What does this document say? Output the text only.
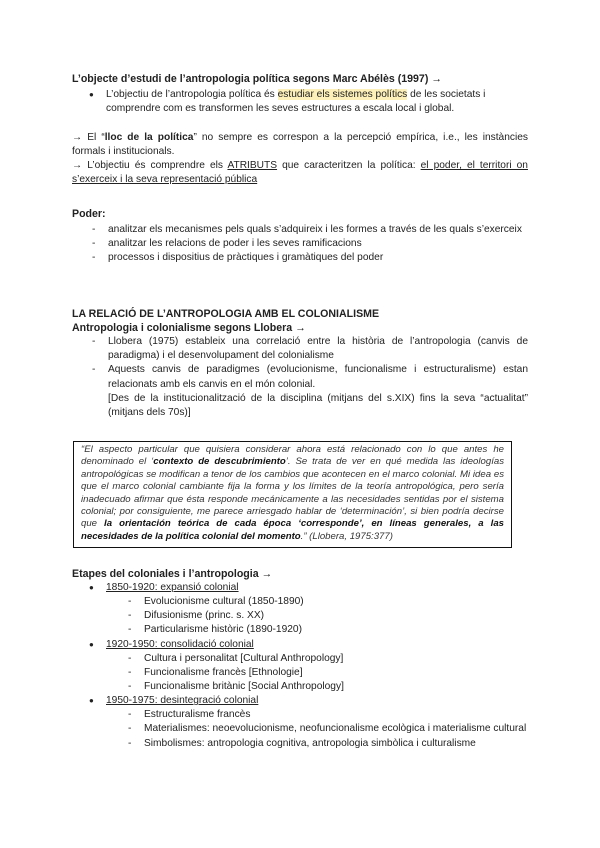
L’objecte d’estudi de l’antropologia política segons Marc Abélès (1997) →

● L’objectiu de l’antropologia política és estudiar els sistemes polítics de les societats i comprendre com es transformen les seves estructures a escala local i global.

→ El “lloc de la política” no sempre es correspon a la percepció empírica, i.e., les instàncies formals i institucionals.

→ L’objectiu és comprendre els ATRIBUTS que caracteritzen la política: el poder, el territori on s’exerceix i la seva representació pública

Poder:

- analitzar els mecanismes pels quals s’adquireix i les formes a través de les quals s’exerceix
- analitzar les relacions de poder i les seves ramificacions
- processos i dispositius de pràctiques i gramàtiques del poder

LA RELACIÓ DE L’ANTROPOLOGIA AMB EL COLONIALISME

Antropologia i colonialisme segons Llobera →

- Llobera (1975) estableix una correlació entre la història de l’antropologia (canvis de paradigma) i el desenvolupament del colonialisme
- Aquests canvis de paradigmes (evolucionisme, funcionalisme i estructuralisme) estan relacionats amb els canvis en el món colonial.

[Des de la institucionalització de la disciplina (mitjans del s.XIX) fins la seva “actualitat” (mitjans dels 70s)]

“El aspecto particular que quisiera considerar ahora está relacionado con lo que antes he denominado el ‘contexto de descubrimiento’. Se trata de ver en qué medida las ideologías antropológicas se modifican a tenor de los cambios que acontecen en el marco colonial. Mi idea es que el marco colonial cambiante fija la forma y los límites de la teoría antropológica, pero sería inadecuado afirmar que ésta responde mecánicamente a las necesidades sentidas por el sistema colonial; por consiguiente, me parece arriesgado hablar de ‘determinación’, si bien podría decirse que la orientación teórica de cada época ‘corresponde’, en líneas generales, a las necesidades de la política colonial del momento.” (Llobera, 1975:377)

Etapes del coloniales i l’antropologia →

● 1850-1920: expansió colonial
- Evolucionisme cultural (1850-1890)
- Difusionisme (princ. s. XX)
- Particularisme històric (1890-1920)
● 1920-1950: consolidació colonial
- Cultura i personalitat [Cultural Anthropology]
- Funcionalisme francès [Ethnologie]
- Funcionalisme britànic [Social Anthropology]
● 1950-1975: desintegració colonial
- Estructuralisme francès
- Materialismes: neoevolucionisme, neofuncionalisme ecològica i materialisme cultural
- Simbolismes: antropologia cognitiva, antropologia simbòlica i culturalisme
